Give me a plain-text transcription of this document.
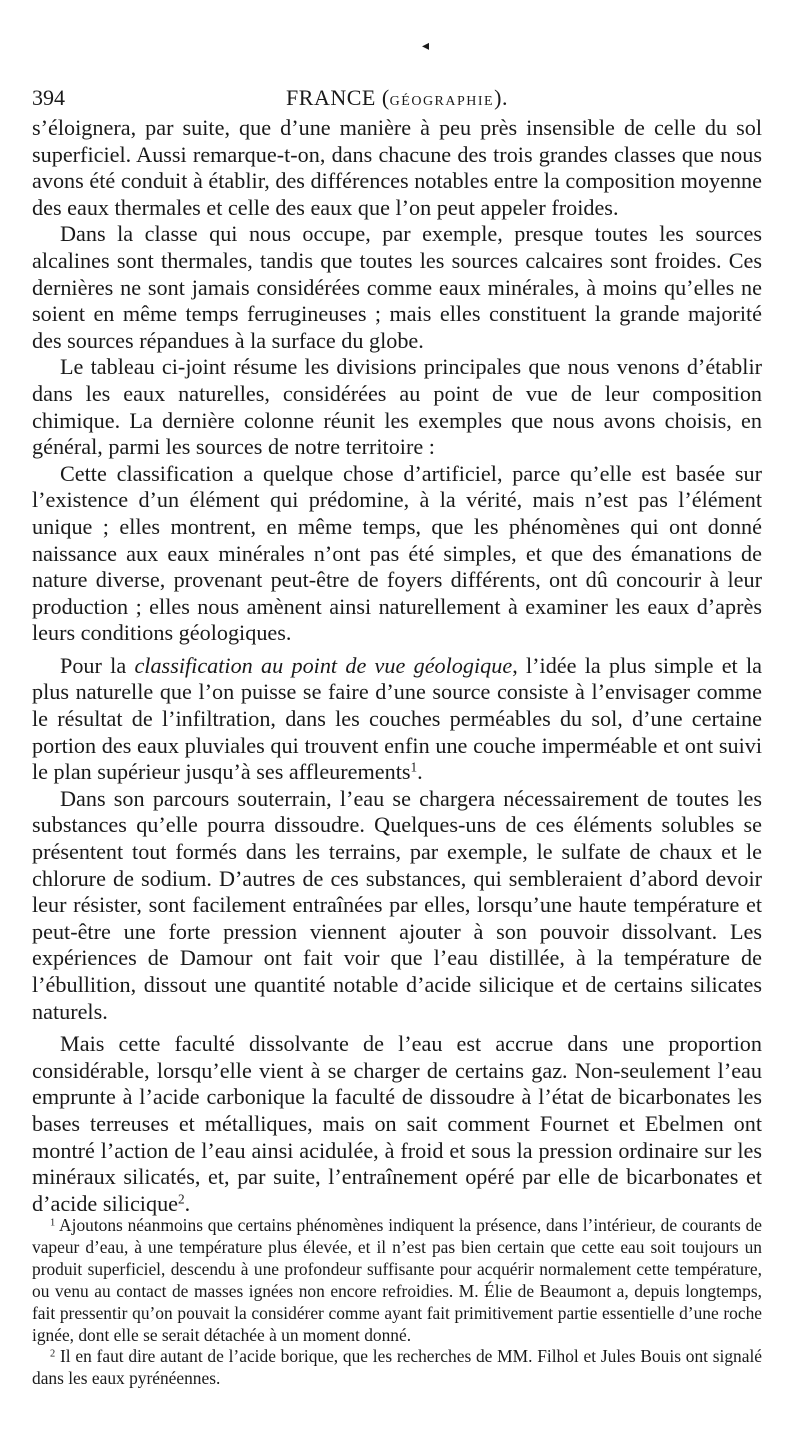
◂
394	FRANCE (GÉOGRAPHIE).

s’éloignera, par suite, que d’une manière à peu près insensible de celle du sol superficiel. Aussi remarque-t-on, dans chacune des trois grandes classes que nous avons été conduit à établir, des différences notables entre la composition moyenne des eaux thermales et celle des eaux que l’on peut appeler froides.

Dans la classe qui nous occupe, par exemple, presque toutes les sources alcalines sont thermales, tandis que toutes les sources calcaires sont froides. Ces dernières ne sont jamais considérées comme eaux minérales, à moins qu’elles ne soient en même temps ferrugineuses ; mais elles constituent la grande majorité des sources répandues à la surface du globe.

Le tableau ci-joint résume les divisions principales que nous venons d’établir dans les eaux naturelles, considérées au point de vue de leur composition chimique. La dernière colonne réunit les exemples que nous avons choisis, en général, parmi les sources de notre territoire :

Cette classification a quelque chose d’artificiel, parce qu’elle est basée sur l’existence d’un élément qui prédomine, à la vérité, mais n’est pas l’élément unique ; elles montrent, en même temps, que les phénomènes qui ont donné naissance aux eaux minérales n’ont pas été simples, et que des émanations de nature diverse, provenant peut-être de foyers différents, ont dû concourir à leur production ; elles nous amènent ainsi naturellement à examiner les eaux d’après leurs conditions géologiques.

Pour la classification au point de vue géologique, l’idée la plus simple et la plus naturelle que l’on puisse se faire d’une source consiste à l’envisager comme le résultat de l’infiltration, dans les couches perméables du sol, d’une certaine portion des eaux pluviales qui trouvent enfin une couche imperméable et ont suivi le plan supérieur jusqu’à ses affleurements$^1$.

Dans son parcours souterrain, l’eau se chargera nécessairement de toutes les substances qu’elle pourra dissoudre. Quelques-uns de ces éléments solubles se présentent tout formés dans les terrains, par exemple, le sulfate de chaux et le chlorure de sodium. D’autres de ces substances, qui sembleraient d’abord devoir leur résister, sont facilement entraînées par elles, lorsqu’une haute température et peut-être une forte pression viennent ajouter à son pouvoir dissolvant. Les expériences de Damour ont fait voir que l’eau distillée, à la température de l’ébullition, dissout une quantité notable d’acide silicique et de certains silicates naturels.

Mais cette faculté dissolvante de l’eau est accrue dans une proportion considérable, lorsqu’elle vient à se charger de certains gaz. Non-seulement l’eau emprunte à l’acide carbonique la faculté de dissoudre à l’état de bicarbonates les bases terreuses et métalliques, mais on sait comment Fournet et Ebelmen ont montré l’action de l’eau ainsi acidulée, à froid et sous la pression ordinaire sur les minéraux silicatés, et, par suite, l’entraînement opéré par elle de bicarbonates et d’acide silicique$^2$.

$^1$ Ajoutons néanmoins que certains phénomènes indiquent la présence, dans l’intérieur, de courants de vapeur d’eau, à une température plus élevée, et il n’est pas bien certain que cette eau soit toujours un produit superficiel, descendu à une profondeur suffisante pour acquérir normalement cette température, ou venu au contact de masses ignées non encore refroidies. M. Élie de Beaumont a, depuis longtemps, fait pressentir qu’on pouvait la considérer comme ayant fait primitivement partie essentielle d’une roche ignée, dont elle se serait détachée à un moment donné.

$^2$ Il en faut dire autant de l’acide borique, que les recherches de MM. Filhol et Jules Bouis ont signalé dans les eaux pyrénéennes.
